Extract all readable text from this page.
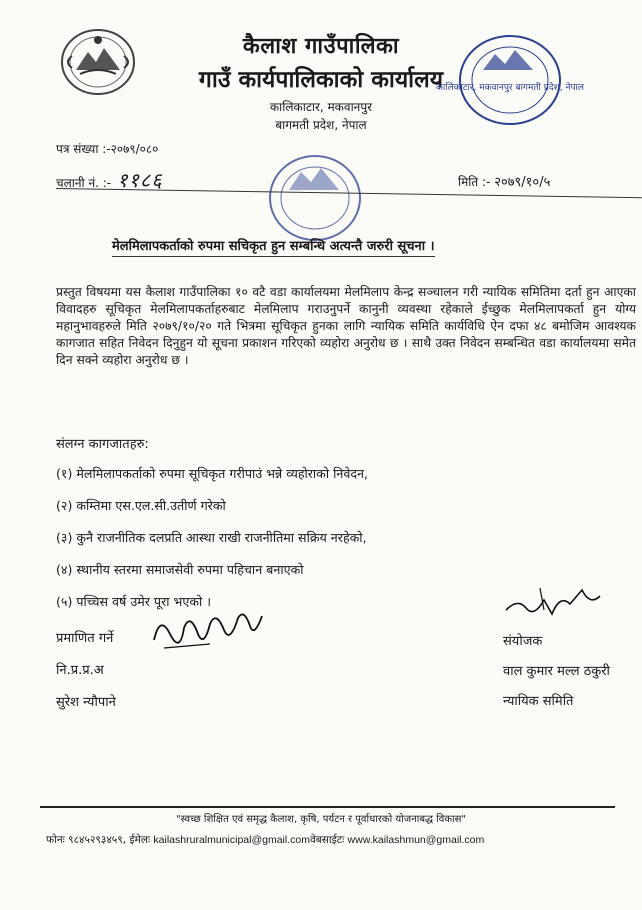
कैलाश गाउँपालिका
गाउँ कार्यपालिकाको कार्यालय
कालिकाटार, मकवानपुर
बागमती प्रदेश, नेपाल
कालिकाटार, मकवानपुर बागमती प्रदेश, नेपाल
पत्र संख्या :-२०७९/०८०
चलानी नं. :- ११८६	मिति :- २०७९/१०/५
मेलमिलापकर्ताको रुपमा सचिकृत हुन सम्बन्धि अत्यन्तै जरुरी सूचना ।

प्रस्तुत विषयमा यस कैलाश गाउँपालिका १० वटै वडा कार्यालयमा मेलमिलाप केन्द्र सञ्चालन गरी न्यायिक समितिमा दर्ता हुन आएका विवादहरु सूचिकृत मेलमिलापकर्ताहरुबाट मेलमिलाप गराउनुपर्ने कानुनी व्यवस्था रहेकाले ईच्छुक मेलमिलापकर्ता हुन योग्य महानुभावहरुले मिति २०७९/१०/२० गते भित्रमा सूचिकृत हुनका लागि न्यायिक समिति कार्यविधि ऐन दफा ४८ बमोजिम आवश्यक कागजात सहित निवेदन दिनुहुन यो सूचना प्रकाशन गरिएको व्यहोरा अनुरोध छ । साथै उक्त निवेदन सम्बन्धित वडा कार्यालयमा समेत दिन सक्ने व्यहोरा अनुरोध छ ।

संलग्न कागजातहरु:
(१) मेलमिलापकर्ताको रुपमा सूचिकृत गरीपाउं भन्ने व्यहोराको निवेदन,
(२) कम्तिमा एस.एल.सी.उतीर्ण गरेको
(३) कुनै राजनीतिक दलप्रति आस्था राखी राजनीतिमा सक्रिय नरहेको,
(४) स्थानीय स्तरमा समाजसेवी रुपमा पहिचान बनाएको
(५) पच्चिस वर्ष उमेर पूरा भएको ।
प्रमाणित गर्ने
नि.प्र.प्र.अ
सुरेश न्यौपाने
संयोजक
वाल कुमार मल्ल ठकुरी
न्यायिक समिति
"स्वच्छ शिक्षित एवं समृद्ध कैलाश, कृषि, पर्यटन र पूर्वाधारको योजनाबद्ध विकास"
फोनः ९८४५२९३४५९, ईमेलः kailashruralmunicipal@gmail.comवेबसाईटः www.kailashmun@gmail.com
